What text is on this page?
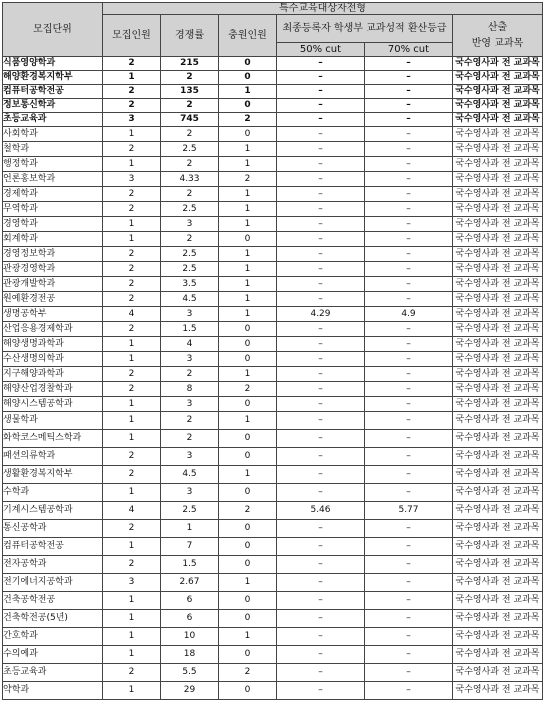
모집단위	특수교육대상자전형					
	모집인원	경쟁률	충원인원	최종등록자 학생부 교과성적 환산등급		산출
반영 교과목
				50% cut	70% cut	
식품영양학과	2	215	0	–	–	국수영사과 전 교과목
해양환경복지학부	1	2	0	–	–	국수영사과 전 교과목
컴퓨터공학전공	2	135	1	–	–	국수영사과 전 교과목
정보통신학과	2	2	0	–	–	국수영사과 전 교과목
초등교육과	3	745	2	–	–	국수영사과 전 교과목
사회학과	1	2	0	–	–	국수영사과 전 교과목
철학과	2	2.5	1	–	–	국수영사과 전 교과목
행정학과	1	2	1	–	–	국수영사과 전 교과목
언론홍보학과	3	4.33	2	–	–	국수영사과 전 교과목
경제학과	2	2	1	–	–	국수영사과 전 교과목
무역학과	2	2.5	1	–	–	국수영사과 전 교과목
경영학과	1	3	1	–	–	국수영사과 전 교과목
회계학과	1	2	0	–	–	국수영사과 전 교과목
경영정보학과	2	2.5	1	–	–	국수영사과 전 교과목
관광경영학과	2	2.5	1	–	–	국수영사과 전 교과목
관광개발학과	2	3.5	1	–	–	국수영사과 전 교과목
원예환경전공	2	4.5	1	–	–	국수영사과 전 교과목
생명공학부	4	3	1	4.29	4.9	국수영사과 전 교과목
산업응용경제학과	2	1.5	0	–	–	국수영사과 전 교과목
해양생명과학과	1	4	0	–	–	국수영사과 전 교과목
수산생명의학과	1	3	0	–	–	국수영사과 전 교과목
지구해양과학과	2	2	1	–	–	국수영사과 전 교과목
해양산업경찰학과	2	8	2	–	–	국수영사과 전 교과목
해양시스템공학과	1	3	0	–	–	국수영사과 전 교과목
생물학과	1	2	1	–	–	국수영사과 전 교과목
화학코스메틱스학과	1	2	0	–	–	국수영사과 전 교과목
패션의류학과	2	3	0	–	–	국수영사과 전 교과목
생활환경복지학부	2	4.5	1	–	–	국수영사과 전 교과목
수학과	1	3	0	–	–	국수영사과 전 교과목
기계시스템공학과	4	2.5	2	5.46	5.77	국수영사과 전 교과목
통신공학과	2	1	0	–	–	국수영사과 전 교과목
컴퓨터공학전공	1	7	0	–	–	국수영사과 전 교과목
전자공학과	2	1.5	0	–	–	국수영사과 전 교과목
전기에너지공학과	3	2.67	1	–	–	국수영사과 전 교과목
건축공학전공	1	6	0	–	–	국수영사과 전 교과목
건축학전공(5년)	1	6	0	–	–	국수영사과 전 교과목
간호학과	1	10	1	–	–	국수영사과 전 교과목
수의예과	1	18	0	–	–	국수영사과 전 교과목
초등교육과	2	5.5	2	–	–	국수영사과 전 교과목
약학과	1	29	0	–	–	국수영사과 전 교과목
